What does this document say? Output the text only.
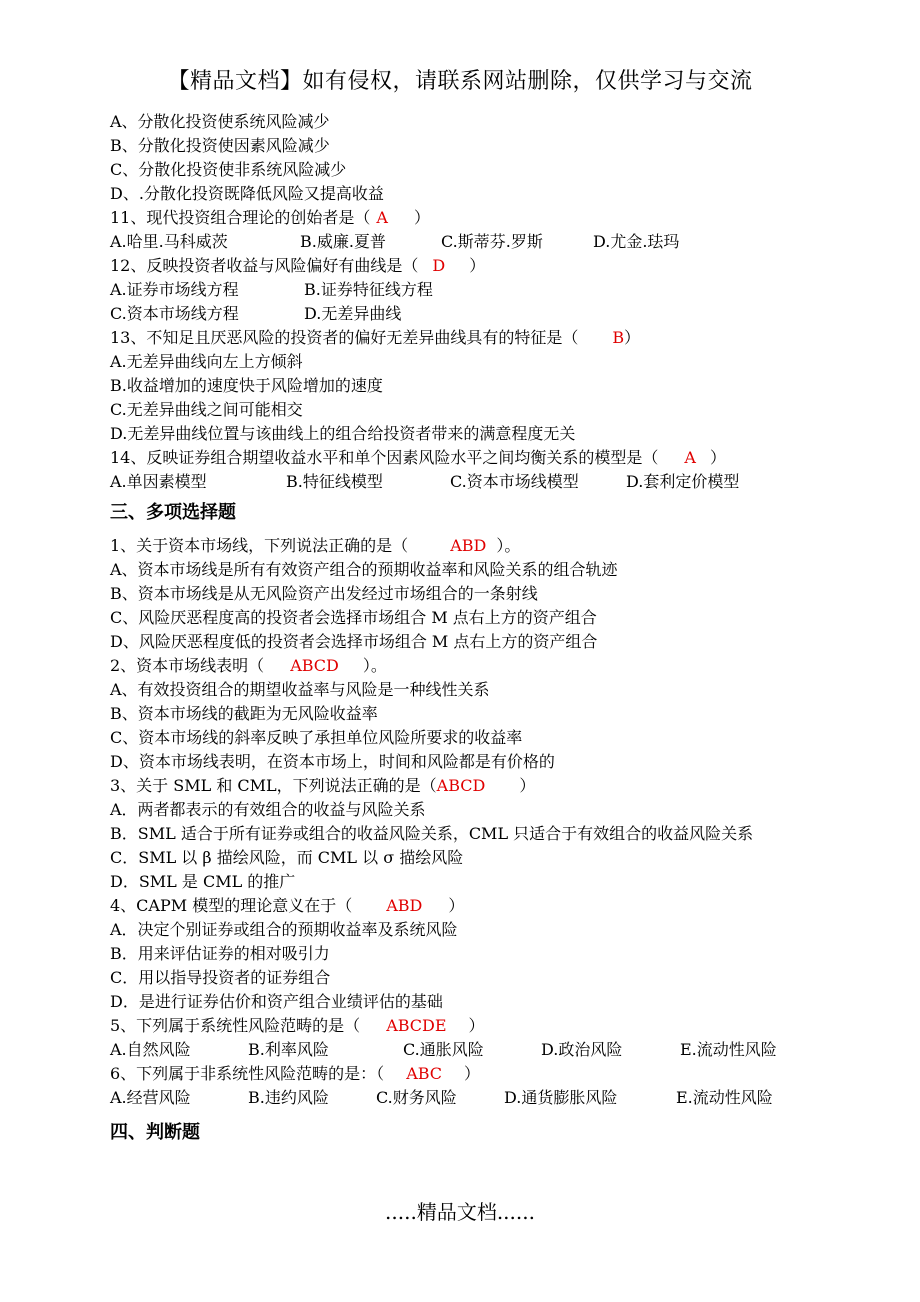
【精品文档】如有侵权，请联系网站删除，仅供学习与交流
A、分散化投资使系统风险减少
B、分散化投资使因素风险减少
C、分散化投资使非系统风险减少
D、.分散化投资既降低风险又提高收益
11、现代投资组合理论的创始者是（ A ）
A.哈里.马科威茨	B.威廉.夏普	C.斯蒂芬.罗斯	D.尤金.珐玛
12、反映投资者收益与风险偏好有曲线是（ D ）
A.证券市场线方程	B.证券特征线方程
C.资本市场线方程	D.无差异曲线
13、不知足且厌恶风险的投资者的偏好无差异曲线具有的特征是（ B）
A.无差异曲线向左上方倾斜
B.收益增加的速度快于风险增加的速度
C.无差异曲线之间可能相交
D.无差异曲线位置与该曲线上的组合给投资者带来的满意程度无关
14、反映证券组合期望收益水平和单个因素风险水平之间均衡关系的模型是（ A ）
A.单因素模型	B.特征线模型	C.资本市场线模型	D.套利定价模型
三、多项选择题
1、关于资本市场线，下列说法正确的是（	ABD ）。
A、资本市场线是所有有效资产组合的预期收益率和风险关系的组合轨迹
B、资本市场线是从无风险资产出发经过市场组合的一条射线
C、风险厌恶程度高的投资者会选择市场组合 M 点右上方的资产组合
D、风险厌恶程度低的投资者会选择市场组合 M 点右上方的资产组合
2、资本市场线表明（ ABCD ）。
A、有效投资组合的期望收益率与风险是一种线性关系
B、资本市场线的截距为无风险收益率
C、资本市场线的斜率反映了承担单位风险所要求的收益率
D、资本市场线表明，在资本市场上，时间和风险都是有价格的
3、关于 SML 和 CML，下列说法正确的是（ABCD ）
A．两者都表示的有效组合的收益与风险关系
B．SML 适合于所有证券或组合的收益风险关系，CML 只适合于有效组合的收益风险关系
C．SML 以 β 描绘风险，而 CML 以 σ 描绘风险
D．SML 是 CML 的推广
4、CAPM 模型的理论意义在于（ ABD ）
A．决定个别证券或组合的预期收益率及系统风险
B．用来评估证券的相对吸引力
C．用以指导投资者的证券组合
D．是进行证券估价和资产组合业绩评估的基础
5、下列属于系统性风险范畴的是（ ABCDE ）
A.自然风险	B.利率风险	C.通胀风险	D.政治风险	E.流动性风险
6、下列属于非系统性风险范畴的是：（ ABC ）
A.经营风险	B.违约风险	C.财务风险	D.通货膨胀风险	E.流动性风险
四、判断题
.....精品文档......
